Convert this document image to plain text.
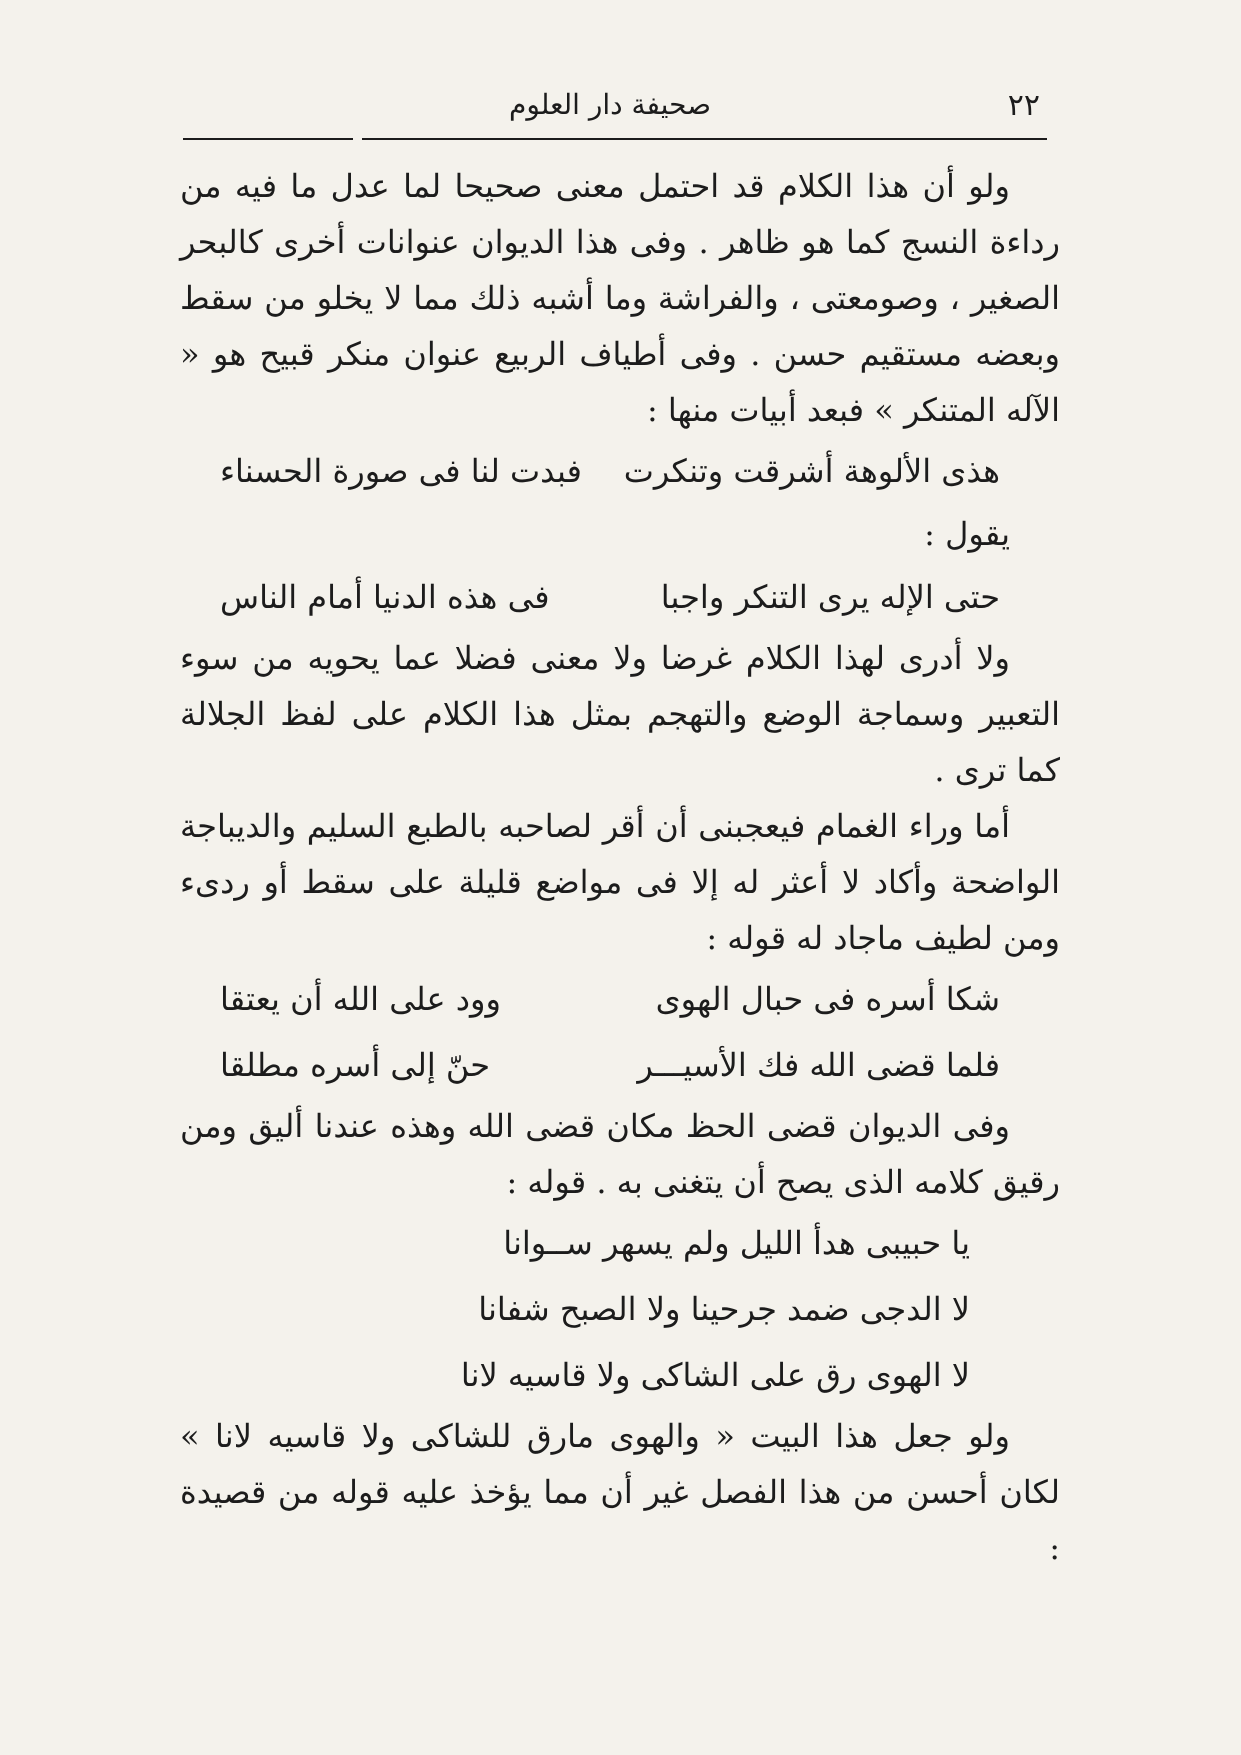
٢٢
صحيفة دار العلوم

ولو أن هذا الكلام قد احتمل معنى صحيحا لما عدل ما فيه من رداءة النسج كما هو ظاهر . وفى هذا الديوان عنوانات أخرى كالبحر الصغير ، وصومعتى ، والفراشة وما أشبه ذلك مما لا يخلو من سقط وبعضه مستقيم حسن . وفى أطياف الربيع عنوان منكر قبيح هو « الآله المتنكر » فبعد أبيات منها :

هذى الألوهة أشرقت وتنكرت
فبدت لنا فى صورة الحسناء

يقول :

حتى الإله يرى التنكر واجبا
فى هذه الدنيا أمام الناس

ولا أدرى لهذا الكلام غرضا ولا معنى فضلا عما يحويه من سوء التعبير وسماجة الوضع والتهجم بمثل هذا الكلام على لفظ الجلالة كما ترى .

أما وراء الغمام فيعجبنى أن أقر لصاحبه بالطبع السليم والديباجة الواضحة وأكاد لا أعثر له إلا فى مواضع قليلة على سقط أو ردىء ومن لطيف ماجاد له قوله :

شكا أسره فى حبال الهوى
وود على الله أن يعتقا
فلما قضى الله فك الأسيـــر
حنّ إلى أسره مطلقا

وفى الديوان قضى الحظ مكان قضى الله وهذه عندنا أليق ومن رقيق كلامه الذى يصح أن يتغنى به . قوله :

يا حبيبى هدأ الليل ولم يسهر ســوانا
لا الدجى ضمد جرحينا ولا الصبح شفانا
لا الهوى رق على الشاكى ولا قاسيه لانا

ولو جعل هذا البيت « والهوى مارق للشاكى ولا قاسيه لانا » لكان أحسن من هذا الفصل غير أن مما يؤخذ عليه قوله من قصيدة :
